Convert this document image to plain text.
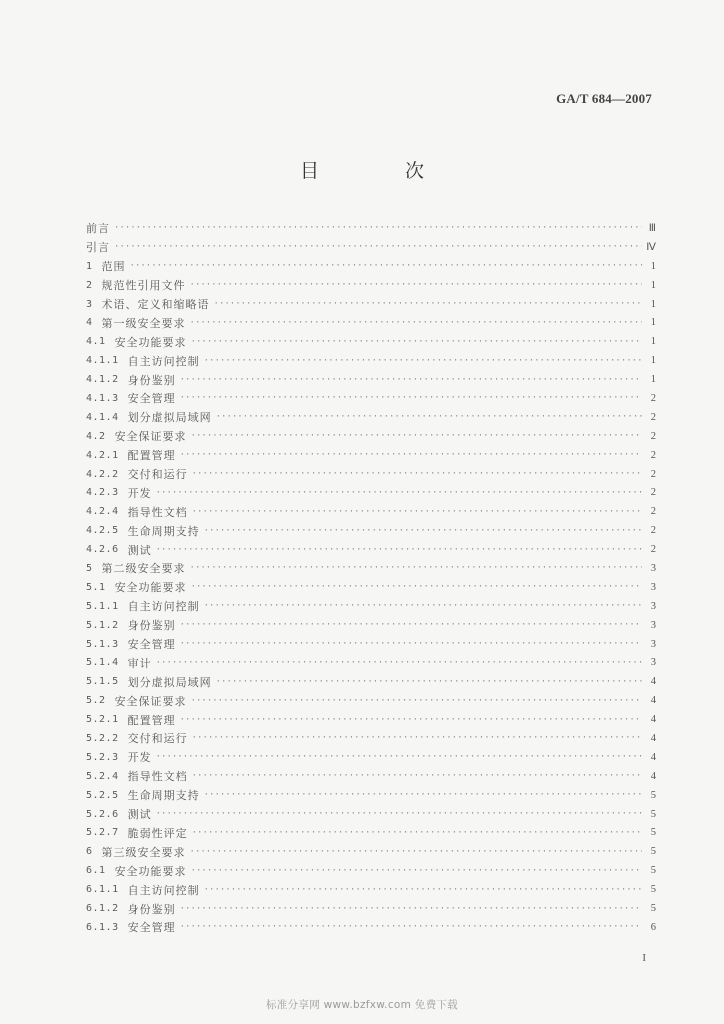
GA/T 684—2007
目 次
前言 ·····	Ⅲ
引言 ·····	Ⅳ
1 范围 ·····	1
2 规范性引用文件 ·····	1
3 术语、定义和缩略语 ·····	1
4 第一级安全要求 ·····	1
4.1 安全功能要求 ·····	1
4.1.1 自主访问控制 ·····	1
4.1.2 身份鉴别 ·····	1
4.1.3 安全管理 ·····	2
4.1.4 划分虚拟局域网 ·····	2
4.2 安全保证要求 ·····	2
4.2.1 配置管理 ·····	2
4.2.2 交付和运行 ·····	2
4.2.3 开发 ·····	2
4.2.4 指导性文档 ·····	2
4.2.5 生命周期支持 ·····	2
4.2.6 测试 ·····	2
5 第二级安全要求 ·····	3
5.1 安全功能要求 ·····	3
5.1.1 自主访问控制 ·····	3
5.1.2 身份鉴别 ·····	3
5.1.3 安全管理 ·····	3
5.1.4 审计 ·····	3
5.1.5 划分虚拟局域网 ·····	4
5.2 安全保证要求 ·····	4
5.2.1 配置管理 ·····	4
5.2.2 交付和运行 ·····	4
5.2.3 开发 ·····	4
5.2.4 指导性文档 ·····	4
5.2.5 生命周期支持 ·····	5
5.2.6 测试 ·····	5
5.2.7 脆弱性评定 ·····	5
6 第三级安全要求 ·····	5
6.1 安全功能要求 ·····	5
6.1.1 自主访问控制 ·····	5
6.1.2 身份鉴别 ·····	5
6.1.3 安全管理 ·····	6
I
标准分享网 www.bzfxw.com 免费下载
